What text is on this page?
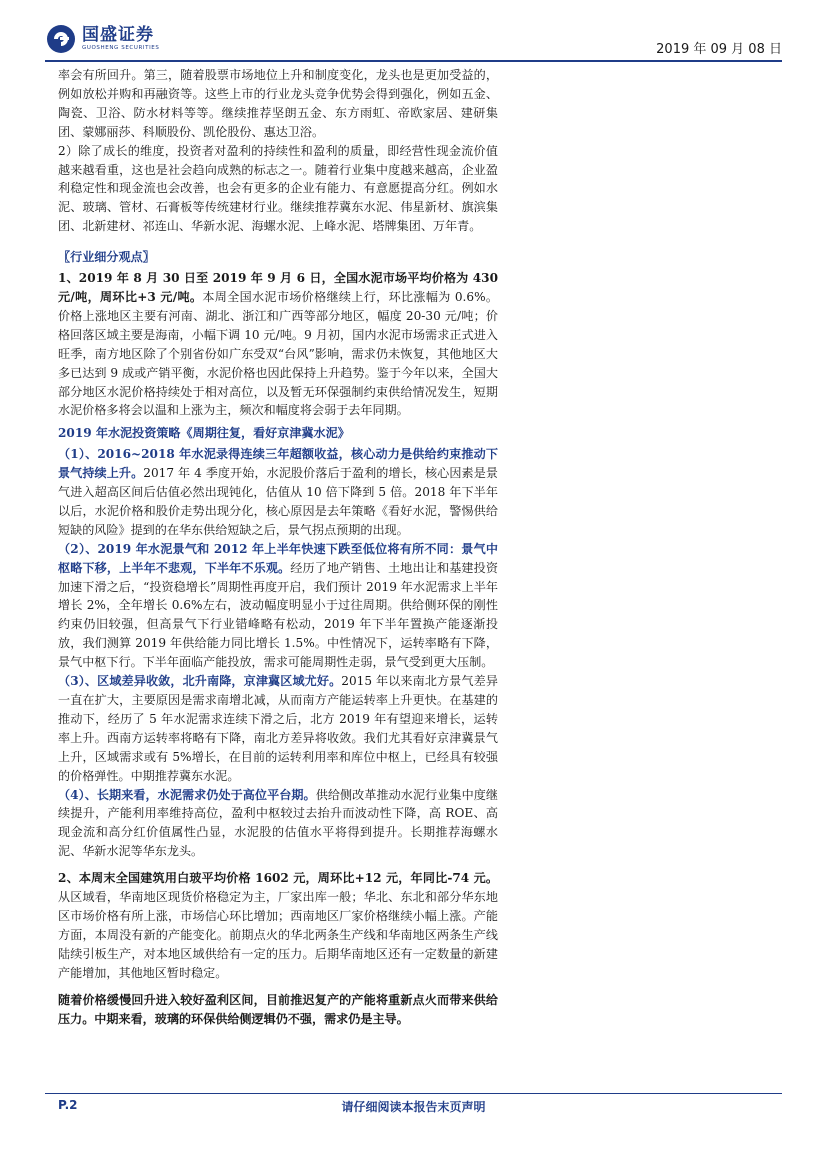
国盛证券
GUOSHENG SECURITIES	2019 年 09 月 08 日

率会有所回升。第三，随着股票市场地位上升和制度变化，龙头也是更加受益的，例如放松并购和再融资等。这些上市的行业龙头竞争优势会得到强化，例如五金、陶瓷、卫浴、防水材料等等。继续推荐坚朗五金、东方雨虹、帝欧家居、建研集团、蒙娜丽莎、科顺股份、凯伦股份、惠达卫浴。

2）除了成长的维度，投资者对盈利的持续性和盈利的质量，即经营性现金流价值越来越看重，这也是社会趋向成熟的标志之一。随着行业集中度越来越高，企业盈利稳定性和现金流也会改善，也会有更多的企业有能力、有意愿提高分红。例如水泥、玻璃、管材、石膏板等传统建材行业。继续推荐冀东水泥、伟星新材、旗滨集团、北新建材、祁连山、华新水泥、海螺水泥、上峰水泥、塔牌集团、万年青。

〖行业细分观点〗

1、2019 年 8 月 30 日至 2019 年 9 月 6 日，全国水泥市场平均价格为 430 元/吨，周环比+3 元/吨。本周全国水泥市场价格继续上行，环比涨幅为 0.6%。价格上涨地区主要有河南、湖北、浙江和广西等部分地区，幅度 20-30 元/吨；价格回落区域主要是海南，小幅下调 10 元/吨。9 月初，国内水泥市场需求正式进入旺季，南方地区除了个别省份如广东受双“台风”影响，需求仍未恢复，其他地区大多已达到 9 成或产销平衡，水泥价格也因此保持上升趋势。鉴于今年以来，全国大部分地区水泥价格持续处于相对高位，以及暂无环保强制约束供给情况发生，短期水泥价格多将会以温和上涨为主，频次和幅度将会弱于去年同期。

2019 年水泥投资策略《周期往复，看好京津冀水泥》

（1）、2016~2018 年水泥录得连续三年超额收益，核心动力是供给约束推动下景气持续上升。2017 年 4 季度开始，水泥股价落后于盈利的增长，核心因素是景气进入超高区间后估值必然出现钝化，估值从 10 倍下降到 5 倍。2018 年下半年以后，水泥价格和股价走势出现分化，核心原因是去年策略《看好水泥，警惕供给短缺的风险》提到的在华东供给短缺之后，景气拐点预期的出现。

（2）、2019 年水泥景气和 2012 年上半年快速下跌至低位将有所不同：景气中枢略下移，上半年不悲观，下半年不乐观。经历了地产销售、土地出让和基建投资加速下滑之后，“投资稳增长”周期性再度开启，我们预计 2019 年水泥需求上半年增长 2%，全年增长 0.6%左右，波动幅度明显小于过往周期。供给侧环保的刚性约束仍旧较强，但高景气下行业错峰略有松动，2019 年下半年置换产能逐渐投放，我们测算 2019 年供给能力同比增长 1.5%。中性情况下，运转率略有下降，景气中枢下行。下半年面临产能投放，需求可能周期性走弱，景气受到更大压制。

（3）、区域差异收敛，北升南降，京津冀区域尤好。2015 年以来南北方景气差异一直在扩大，主要原因是需求南增北减，从而南方产能运转率上升更快。在基建的推动下，经历了 5 年水泥需求连续下滑之后，北方 2019 年有望迎来增长，运转率上升。西南方运转率将略有下降，南北方差异将收敛。我们尤其看好京津冀景气上升，区域需求或有 5%增长，在目前的运转利用率和库位中枢上，已经具有较强的价格弹性。中期推荐冀东水泥。

（4）、长期来看，水泥需求仍处于高位平台期。供给侧改革推动水泥行业集中度继续提升，产能利用率维持高位，盈利中枢较过去抬升而波动性下降，高 ROE、高现金流和高分红价值属性凸显，水泥股的估值水平将得到提升。长期推荐海螺水泥、华新水泥等华东龙头。

2、本周末全国建筑用白玻平均价格 1602 元，周环比+12 元，年同比-74 元。从区域看，华南地区现货价格稳定为主，厂家出库一般；华北、东北和部分华东地区市场价格有所上涨，市场信心环比增加；西南地区厂家价格继续小幅上涨。产能方面，本周没有新的产能变化。前期点火的华北两条生产线和华南地区两条生产线陆续引板生产，对本地区域供给有一定的压力。后期华南地区还有一定数量的新建产能增加，其他地区暂时稳定。

随着价格缓慢回升进入较好盈利区间，目前推迟复产的产能将重新点火而带来供给压力。中期来看，玻璃的环保供给侧逻辑仍不强，需求仍是主导。

P.2	请仔细阅读本报告末页声明
